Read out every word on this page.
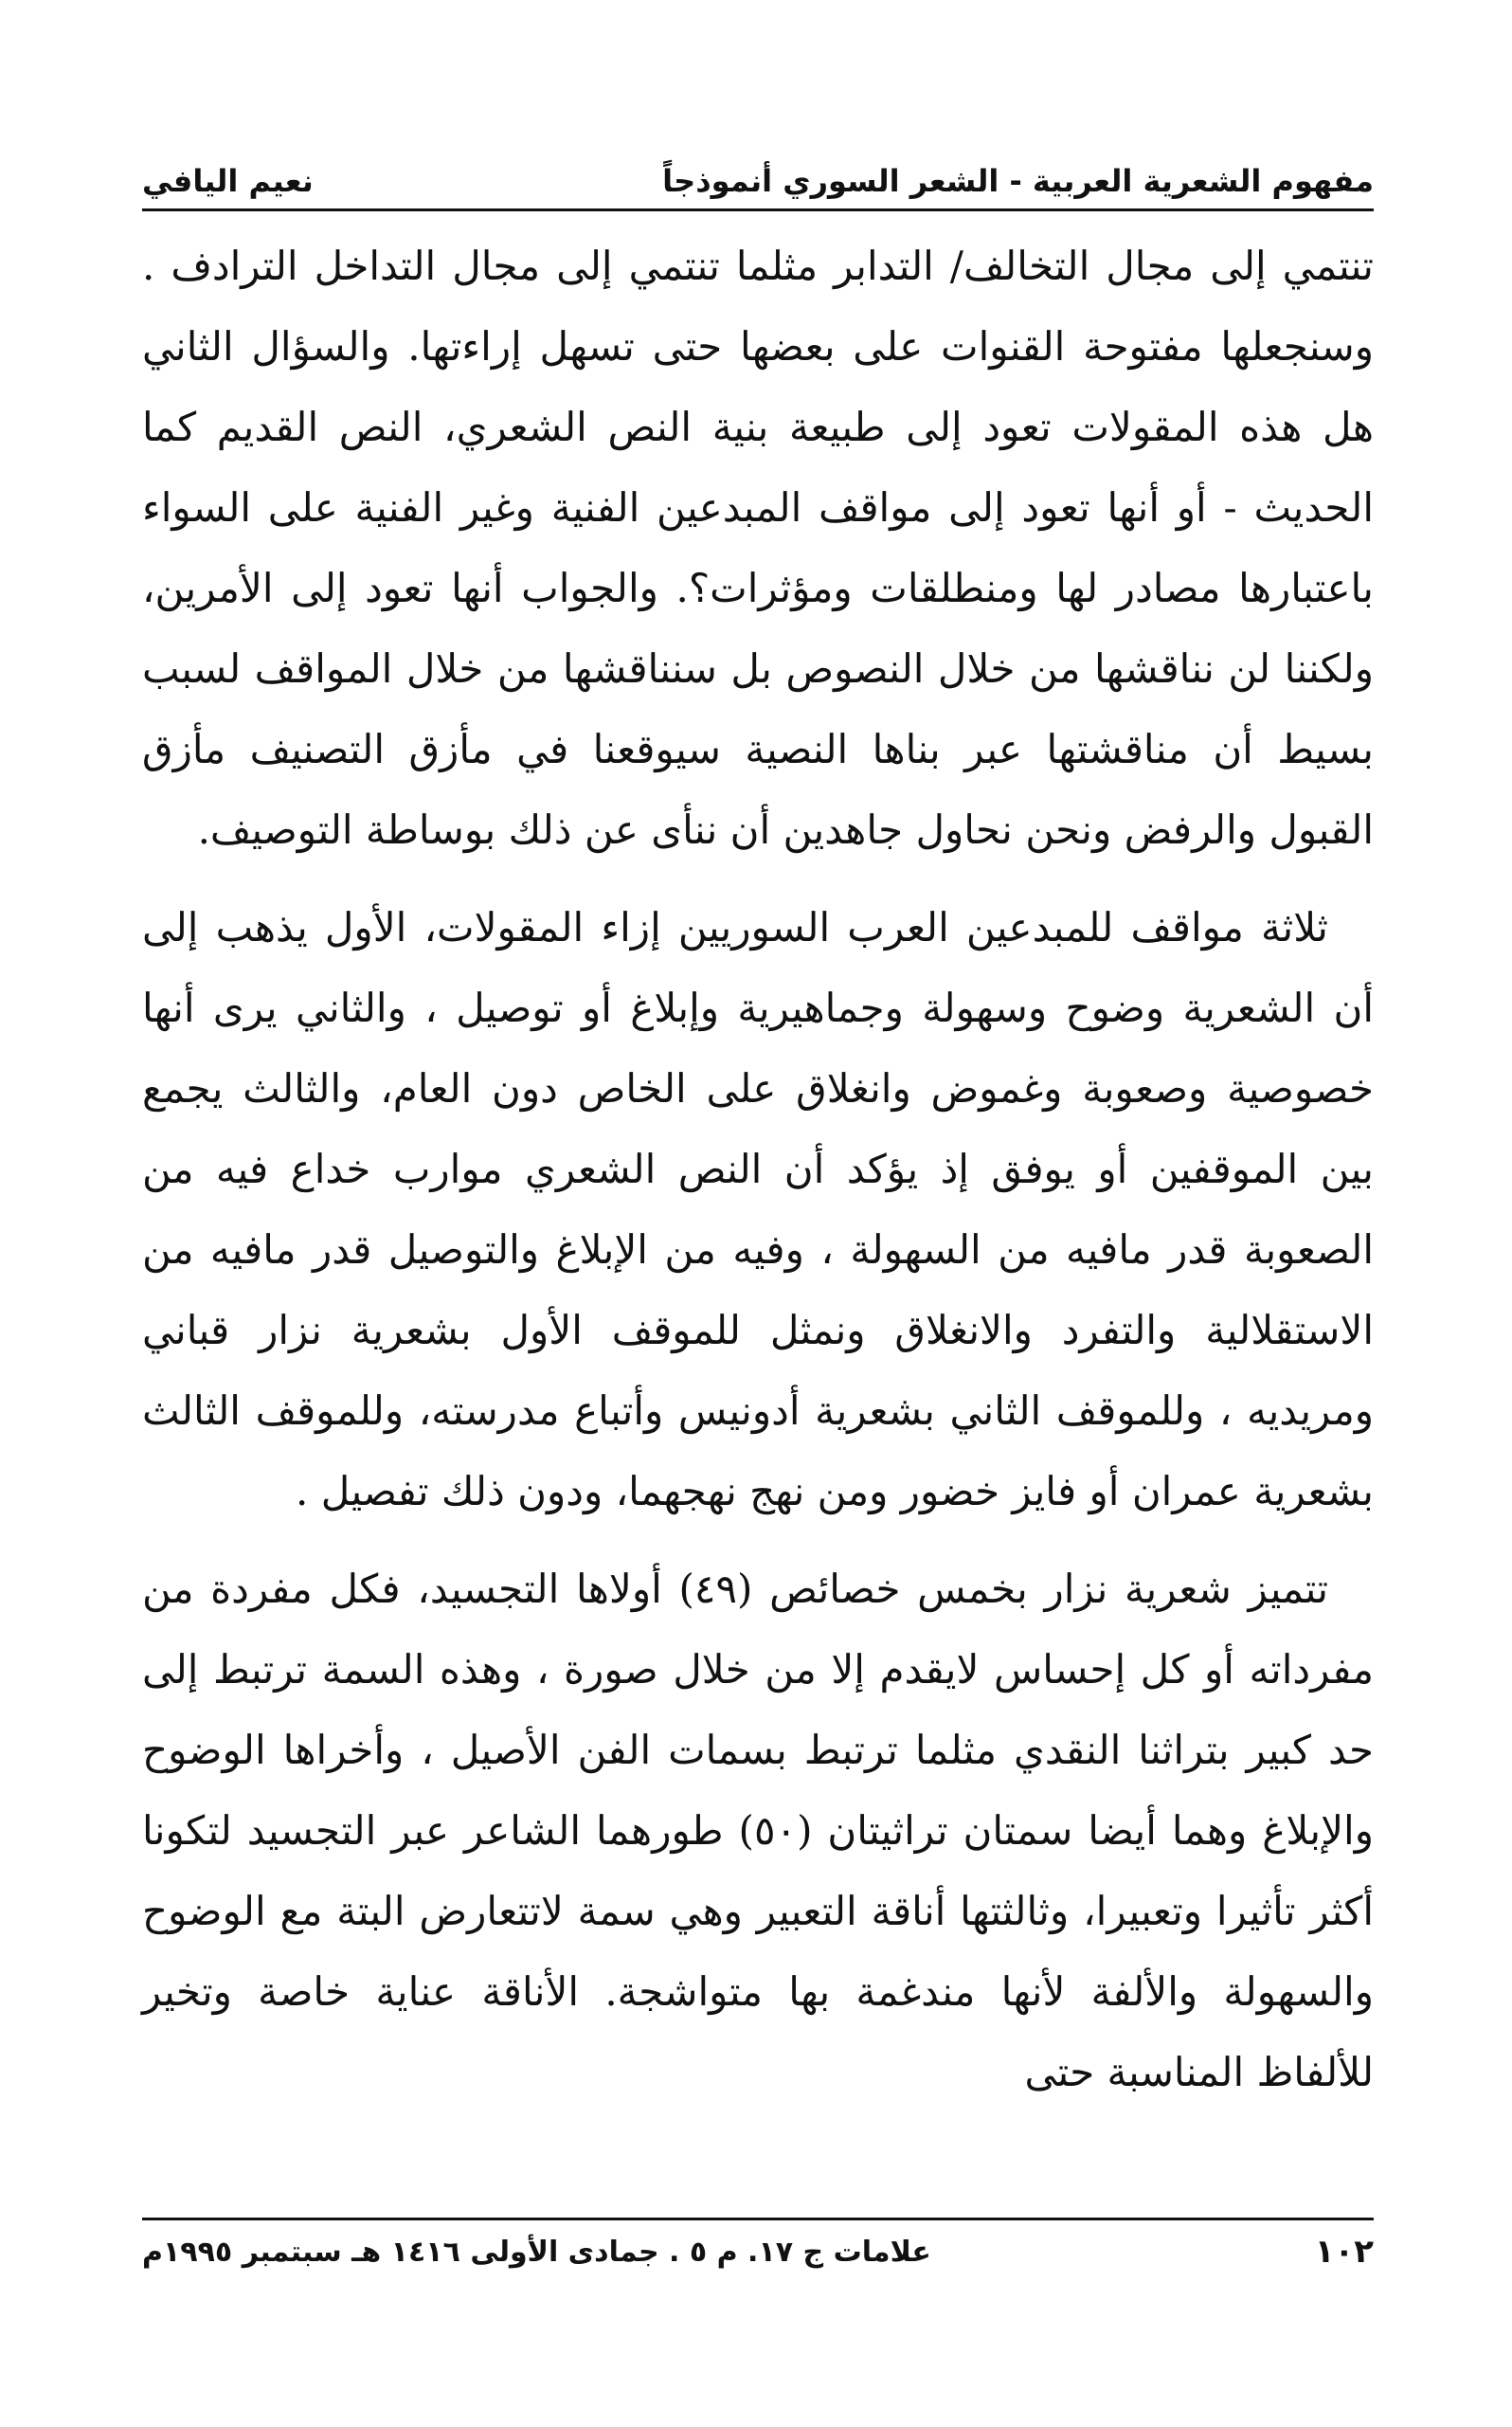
مفهوم الشعرية العربية - الشعر السوري أنموذجاً
نعيم اليافي

تنتمي إلى مجال التخالف/ التدابر مثلما تنتمي إلى مجال التداخل الترادف . وسنجعلها مفتوحة القنوات على بعضها حتى تسهل إراءتها. والسؤال الثاني هل هذه المقولات تعود إلى طبيعة بنية النص الشعري، النص القديم كما الحديث - أو أنها تعود إلى مواقف المبدعين الفنية وغير الفنية على السواء باعتبارها مصادر لها ومنطلقات ومؤثرات؟. والجواب أنها تعود إلى الأمرين، ولكننا لن نناقشها من خلال النصوص بل سنناقشها من خلال المواقف لسبب بسيط أن مناقشتها عبر بناها النصية سيوقعنا في مأزق التصنيف مأزق القبول والرفض ونحن نحاول جاهدين أن ننأى عن ذلك بوساطة التوصيف.

ثلاثة مواقف للمبدعين العرب السوريين إزاء المقولات، الأول يذهب إلى أن الشعرية وضوح وسهولة وجماهيرية وإبلاغ أو توصيل ، والثاني يرى أنها خصوصية وصعوبة وغموض وانغلاق على الخاص دون العام، والثالث يجمع بين الموقفين أو يوفق إذ يؤكد أن النص الشعري موارب خداع فيه من الصعوبة قدر مافيه من السهولة ، وفيه من الإبلاغ والتوصيل قدر مافيه من الاستقلالية والتفرد والانغلاق ونمثل للموقف الأول بشعرية نزار قباني ومريديه ، وللموقف الثاني بشعرية أدونيس وأتباع مدرسته، وللموقف الثالث بشعرية عمران أو فايز خضور ومن نهج نهجهما، ودون ذلك تفصيل .

تتميز شعرية نزار بخمس خصائص (٤٩) أولاها التجسيد، فكل مفردة من مفرداته أو كل إحساس لايقدم إلا من خلال صورة ، وهذه السمة ترتبط إلى حد كبير بتراثنا النقدي مثلما ترتبط بسمات الفن الأصيل ، وأخراها الوضوح والإبلاغ وهما أيضا سمتان تراثيتان (٥٠) طورهما الشاعر عبر التجسيد لتكونا أكثر تأثيرا وتعبيرا، وثالثتها أناقة التعبير وهي سمة لاتتعارض البتة مع الوضوح والسهولة والألفة لأنها مندغمة بها متواشجة. الأناقة عناية خاصة وتخير للألفاظ المناسبة حتى

١٠٢
علامات ج ١٧. م ٥ . جمادى الأولى ١٤١٦ هـ سبتمبر ١٩٩٥م
